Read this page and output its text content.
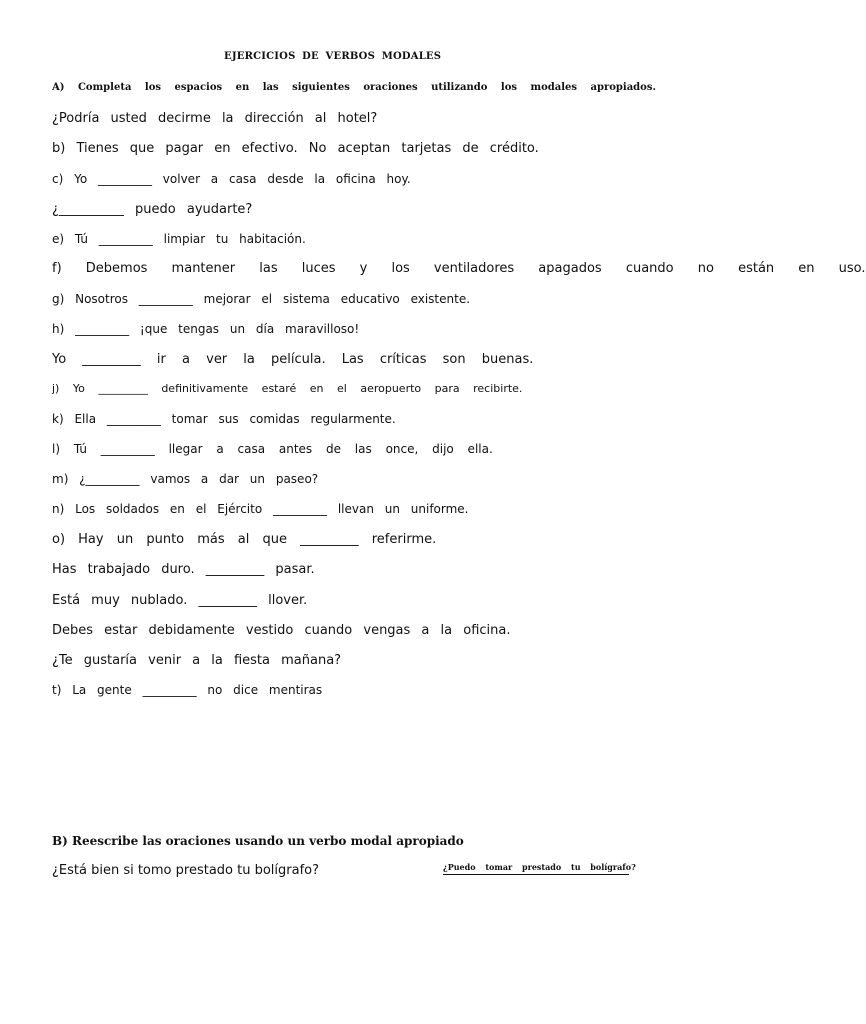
EJERCICIOS DE VERBOS MODALES
A) Completa los espacios en las siguientes oraciones utilizando los modales apropiados.
¿Podría usted decirme la dirección al hotel?
b) Tienes que pagar en efectivo. No aceptan tarjetas de crédito.
c) Yo _________ volver a casa desde la oficina hoy.
¿__________ puedo ayudarte?
e) Tú _________ limpiar tu habitación.
f) Debemos mantener las luces y los ventiladores apagados cuando no están en uso.
g) Nosotros _________ mejorar el sistema educativo existente.
h) _________ ¡que tengas un día maravilloso!
Yo _________ ir a ver la película. Las críticas son buenas.
j) Yo _________ definitivamente estaré en el aeropuerto para recibirte.
k) Ella _________ tomar sus comidas regularmente.
l) Tú _________ llegar a casa antes de las once, dijo ella.
m) ¿_________ vamos a dar un paseo?
n) Los soldados en el Ejército _________ llevan un uniforme.
o) Hay un punto más al que _________ referirme.
Has trabajado duro. _________ pasar.
Está muy nublado. _________ llover.
Debes estar debidamente vestido cuando vengas a la oficina.
¿Te gustaría venir a la fiesta mañana?
t) La gente _________ no dice mentiras
B) Reescribe las oraciones usando un verbo modal apropiado
¿Está bien si tomo prestado tu bolígrafo?	¿Puedo tomar prestado tu bolígrafo?
